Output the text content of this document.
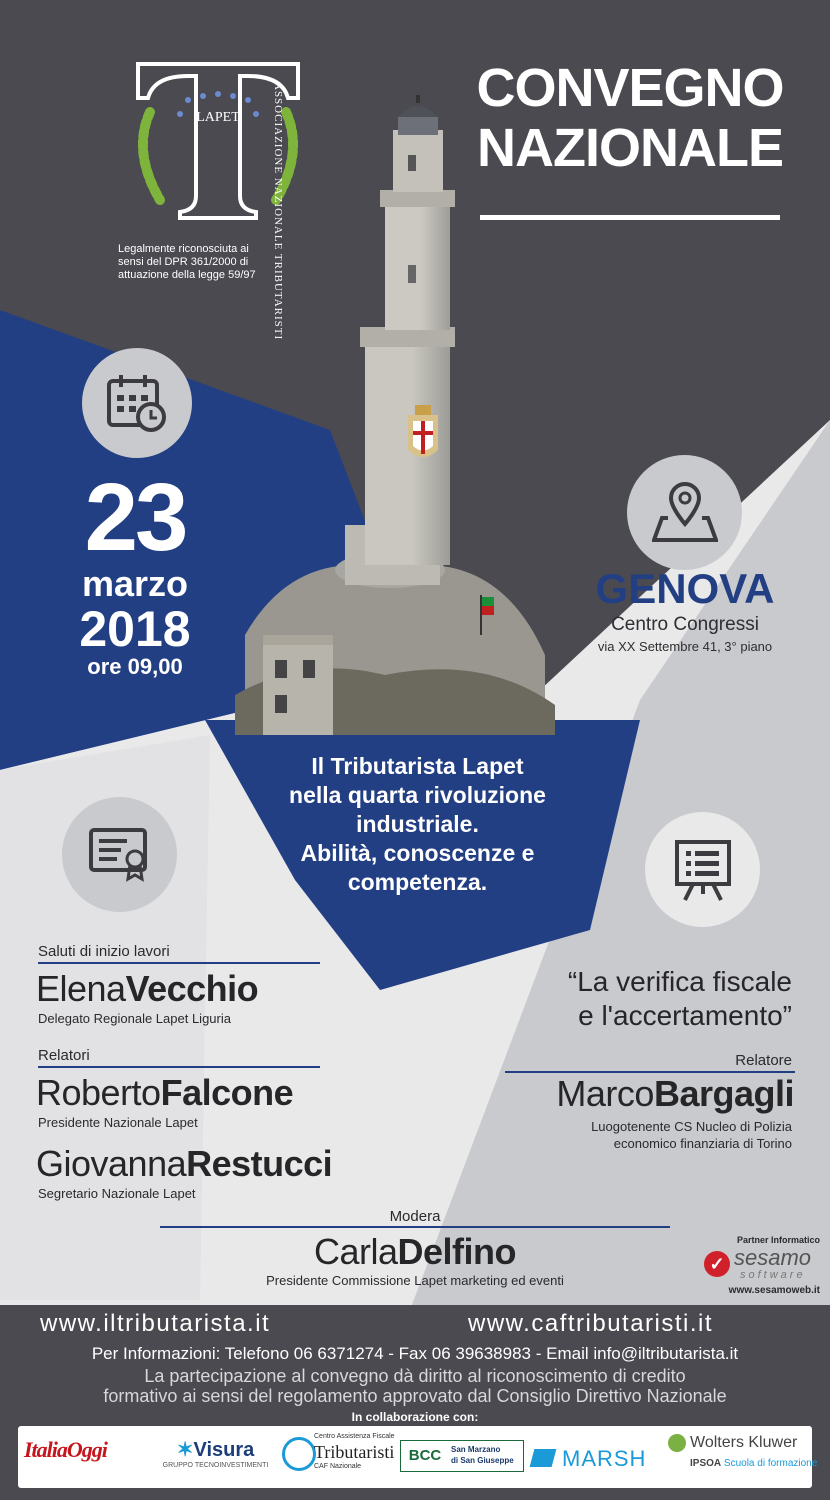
LAPET	ASSOCIAZIONE NAZIONALE TRIBUTARISTI
Legalmente riconosciuta ai
sensi del DPR 361/2000 di
attuazione della legge 59/97
CONVEGNO
NAZIONALE
23
marzo
2018
ore 09,00
GENOVA
Centro Congressi
via XX Settembre 41, 3° piano
Il Tributarista Lapet
nella quarta rivoluzione
industriale.
Abilità, conoscenze e
competenza.
Saluti di inizio lavori
ElenaVecchio
Delegato Regionale Lapet Liguria
Relatori
RobertoFalcone
Presidente Nazionale Lapet
GiovannaRestucci
Segretario Nazionale Lapet
“La verifica fiscale
e l'accertamento”
Relatore
MarcoBargagli
Luogotenente CS Nucleo di Polizia
economico finanziaria di Torino
Modera
CarlaDelfino
Presidente Commissione Lapet marketing ed eventi
Partner Informatico
✓ sesamo
software
www.sesamoweb.it
www.iltributarista.it	www.caftributaristi.it
Per Informazioni: Telefono 06 6371274 - Fax 06 39638983 - Email info@iltributarista.it
La partecipazione al convegno dà diritto al riconoscimento di credito
formativo ai sensi del regolamento approvato dal Consiglio Direttivo Nazionale
In collaborazione con:
ItaliaOggi	✶Visura
GRUPPO TECNOINVESTIMENTI
Centro Assistenza Fiscale
Tributaristi
CAF Nazionale
BCC	San Marzano
di San Giuseppe MARSH
Wolters Kluwer
IPSOA Scuola di formazione
